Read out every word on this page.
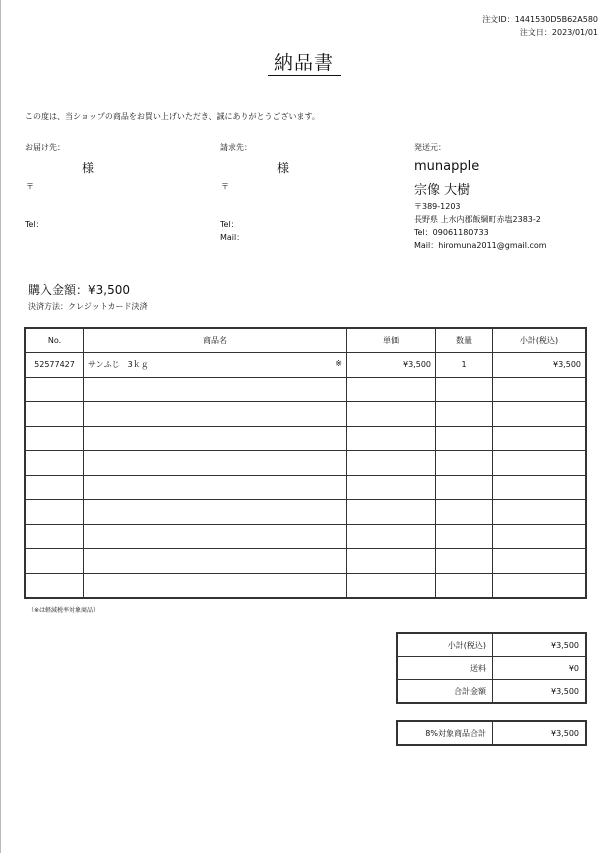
注文ID：1441530D5B62A580
注文日：2023/01/01
納品書
この度は、当ショップの商品をお買い上げいただき、誠にありがとうございます。
お届け先：
様
〒
Tel：
請求先：
様
〒
Tel：
Mail：
発送元：
munapple
宗像 大樹
〒389-1203
長野県 上水内郡飯綱町赤塩2383-2
Tel：09061180733
Mail：hiromuna2011@gmail.com
購入金額：¥3,500
決済方法：クレジットカード決済
No.	商品名	単価	数量	小計(税込)
52577427	サンふじ　3ｋｇ ※	¥3,500	1	¥3,500

（※は軽減税率対象商品）
小計(税込)	¥3,500
送料	¥0
合計金額	¥3,500
8%対象商品合計	¥3,500
